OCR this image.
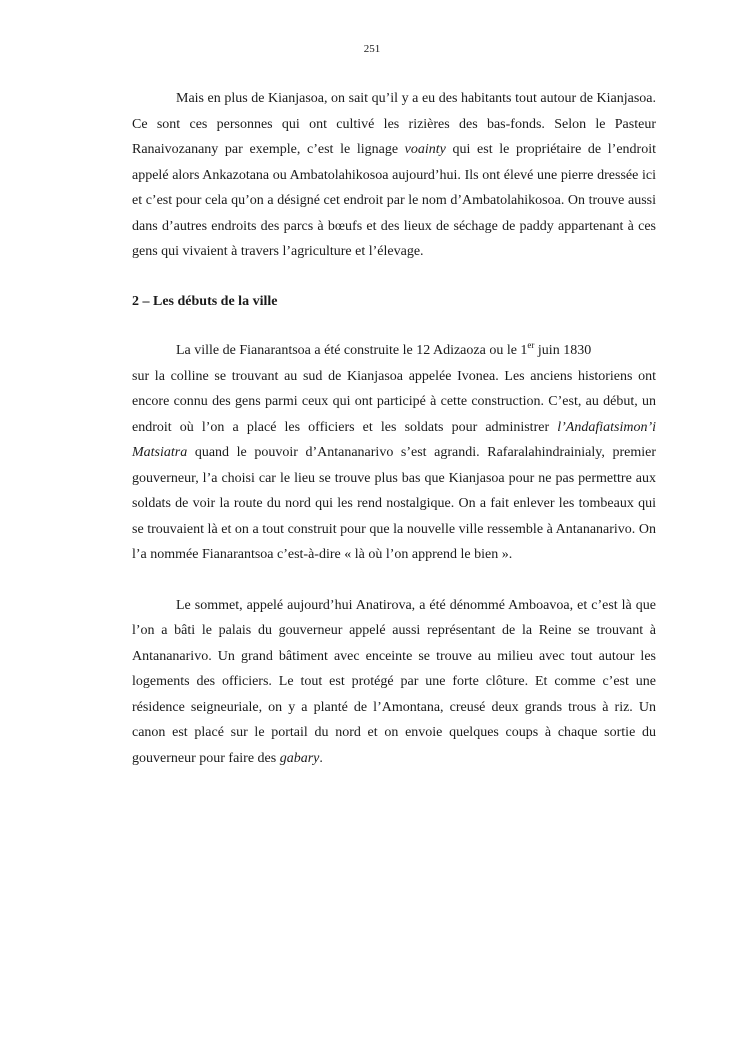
251

Mais en plus de Kianjasoa, on sait qu’il y a eu des habitants tout autour de Kianjasoa. Ce sont ces personnes qui ont cultivé les rizières des bas-fonds. Selon le Pasteur Ranaivozanany par exemple, c’est le lignage voainty qui est le propriétaire de l’endroit appelé alors Ankazotana ou Ambatolahikosoa aujourd’hui. Ils ont élevé une pierre dressée ici et c’est pour cela qu’on a désigné cet endroit par le nom d’Ambatolahikosoa. On trouve aussi dans d’autres endroits des parcs à bœufs et des lieux de séchage de paddy appartenant à ces gens qui vivaient à travers l’agriculture et l’élevage.

2 – Les débuts de la ville

La ville de Fianarantsoa a été construite le 12 Adizaoza ou le 1er juin 1830

sur la colline se trouvant au sud de Kianjasoa appelée Ivonea. Les anciens historiens ont encore connu des gens parmi ceux qui ont participé à cette construction. C’est, au début, un endroit où l’on a placé les officiers et les soldats pour administrer l’Andafiatsimon’i Matsiatra quand le pouvoir d’Antananarivo s’est agrandi. Rafaralahindrainialy, premier gouverneur, l’a choisi car le lieu se trouve plus bas que Kianjasoa pour ne pas permettre aux soldats de voir la route du nord qui les rend nostalgique. On a fait enlever les tombeaux qui se trouvaient là et on a tout construit pour que la nouvelle ville ressemble à Antananarivo. On l’a nommée Fianarantsoa c’est-à-dire « là où l’on apprend le bien ».

Le sommet, appelé aujourd’hui Anatirova, a été dénommé Amboavoa, et c’est là que l’on a bâti le palais du gouverneur appelé aussi représentant de la Reine se trouvant à Antananarivo. Un grand bâtiment avec enceinte se trouve au milieu avec tout autour les logements des officiers. Le tout est protégé par une forte clôture. Et comme c’est une résidence seigneuriale, on y a planté de l’Amontana, creusé deux grands trous à riz. Un canon est placé sur le portail du nord et on envoie quelques coups à chaque sortie du gouverneur pour faire des gabary.
